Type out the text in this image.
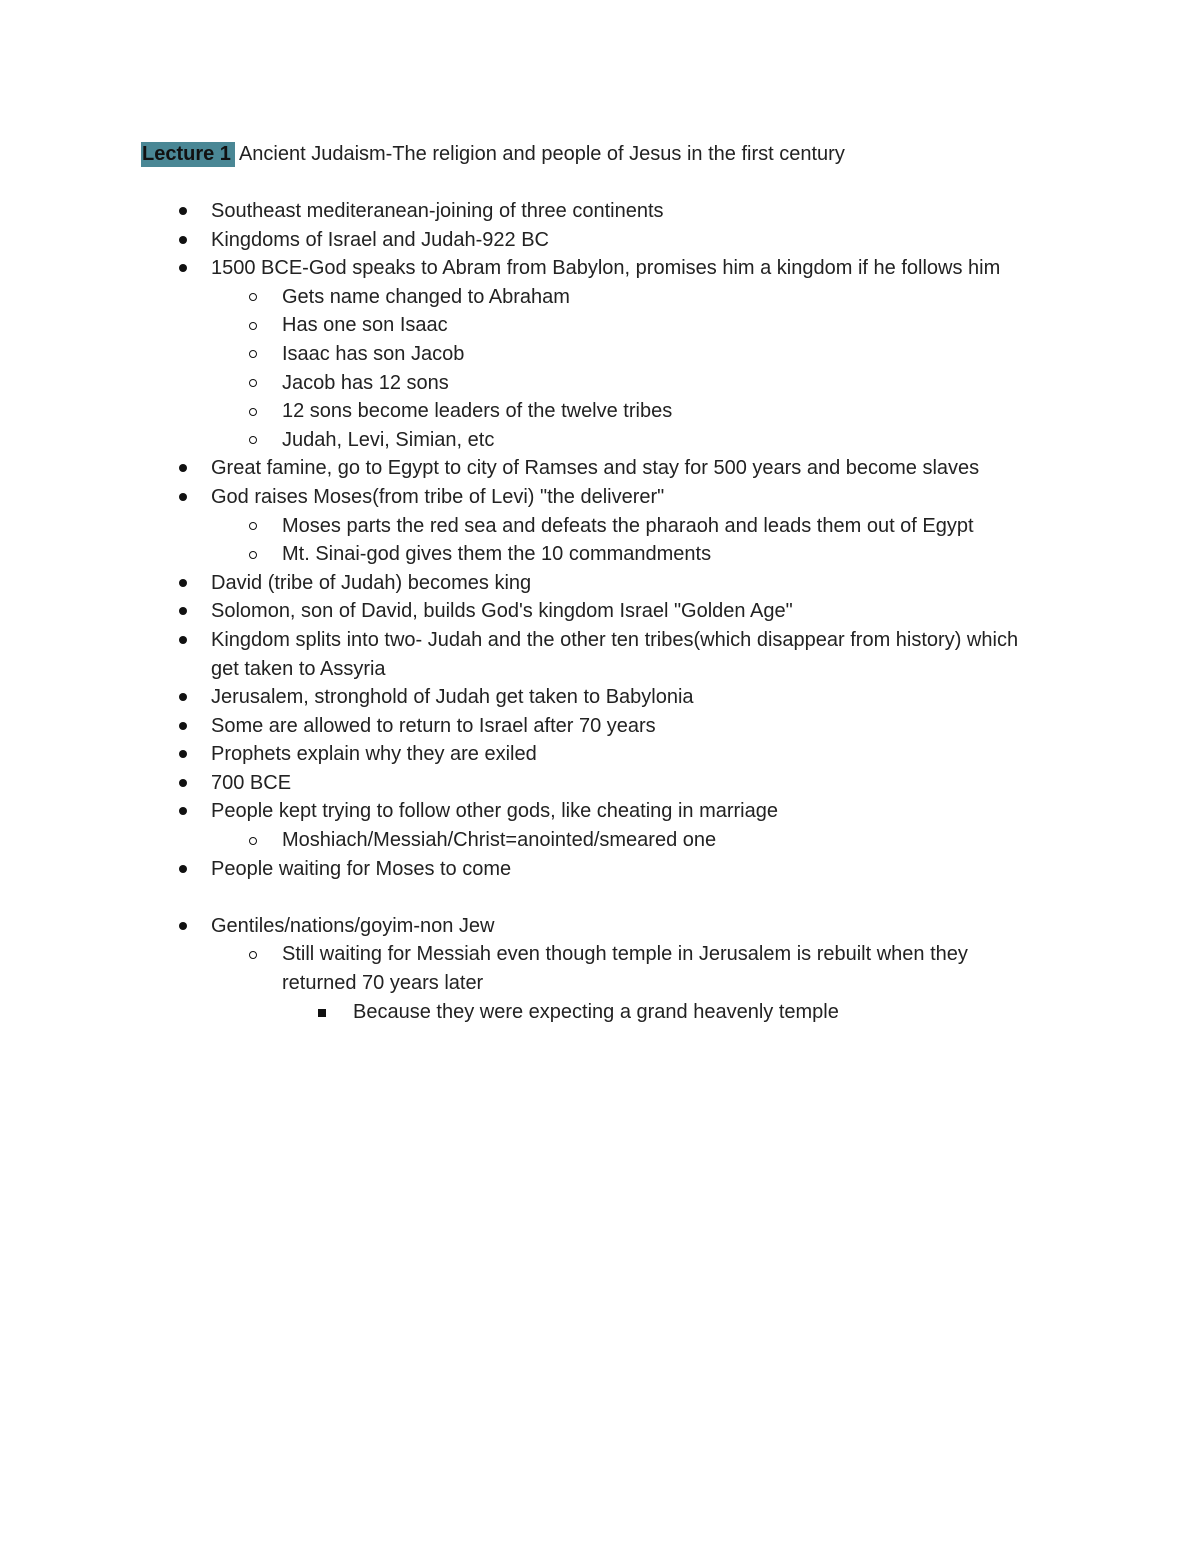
Lecture 1 Ancient Judaism-The religion and people of Jesus in the first century
Southeast mediteranean-joining of three continents
Kingdoms of Israel and Judah-922 BC
1500 BCE-God speaks to Abram from Babylon, promises him a kingdom if he follows him
Gets name changed to Abraham
Has one son Isaac
Isaac has son Jacob
Jacob has 12 sons
12 sons become leaders of the twelve tribes
Judah, Levi, Simian, etc
Great famine, go to Egypt to city of Ramses and stay for 500 years and become slaves
God raises Moses(from tribe of Levi) "the deliverer"
Moses parts the red sea and defeats the pharaoh and leads them out of Egypt
Mt. Sinai-god gives them the 10 commandments
David (tribe of Judah) becomes king
Solomon, son of David, builds God's kingdom Israel "Golden Age"
Kingdom splits into two- Judah and the other ten tribes(which disappear from history) which get taken to Assyria
Jerusalem, stronghold of Judah get taken to Babylonia
Some are allowed to return to Israel after 70 years
Prophets explain why they are exiled
700 BCE
People kept trying to follow other gods, like cheating in marriage
Moshiach/Messiah/Christ=anointed/smeared one
People waiting for Moses to come
Gentiles/nations/goyim-non Jew
Still waiting for Messiah even though temple in Jerusalem is rebuilt when they returned 70 years later
Because they were expecting a grand heavenly temple
